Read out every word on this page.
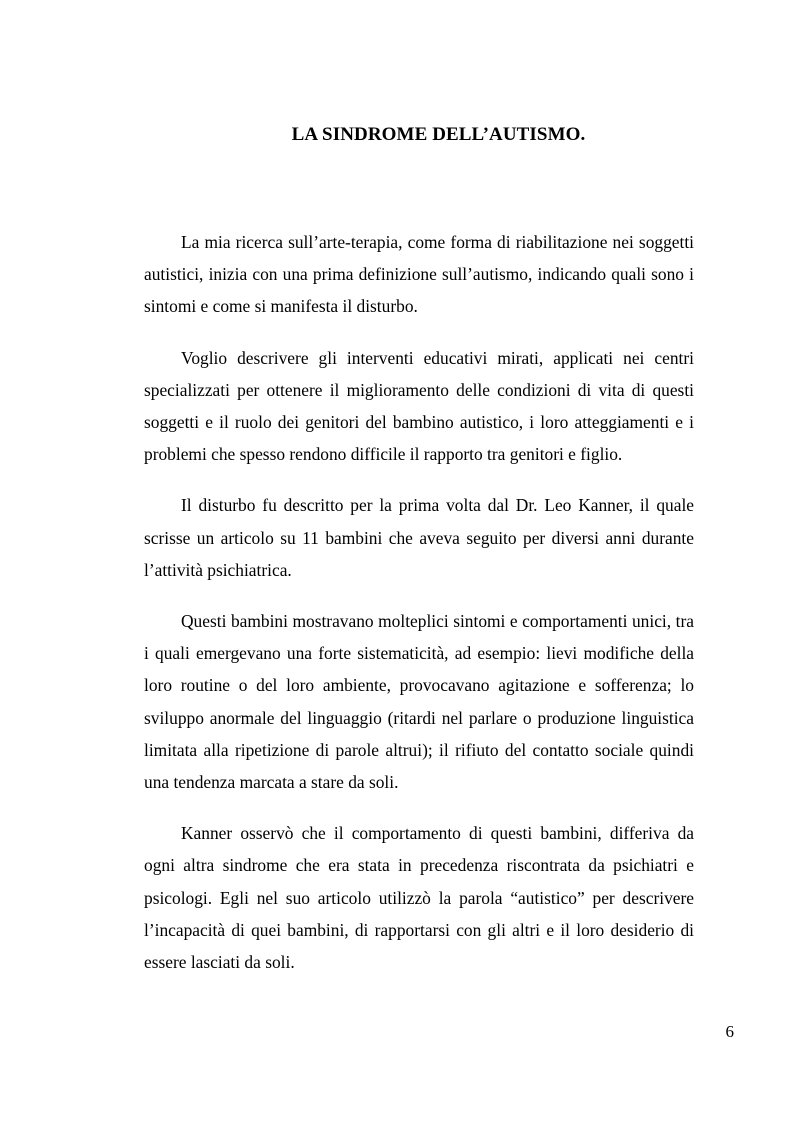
LA SINDROME DELL’AUTISMO.

La mia ricerca sull’arte-terapia, come forma di riabilitazione nei soggetti autistici, inizia con una prima definizione sull’autismo, indicando quali sono i sintomi e come si manifesta il disturbo.

Voglio descrivere gli interventi educativi mirati, applicati nei centri specializzati per ottenere il miglioramento delle condizioni di vita di questi soggetti e il ruolo dei genitori del bambino autistico, i loro atteggiamenti e i problemi che spesso rendono difficile il rapporto tra genitori e figlio.

Il disturbo fu descritto per la prima volta dal Dr. Leo Kanner, il quale scrisse un articolo su 11 bambini che aveva seguito per diversi anni durante l’attività psichiatrica.

Questi bambini mostravano molteplici sintomi e comportamenti unici, tra i quali emergevano una forte sistematicità, ad esempio: lievi modifiche della loro routine o del loro ambiente, provocavano agitazione e sofferenza; lo sviluppo anormale del linguaggio (ritardi nel parlare o produzione linguistica limitata alla ripetizione di parole altrui); il rifiuto del contatto sociale quindi una tendenza marcata a stare da soli.

Kanner osservò che il comportamento di questi bambini, differiva da ogni altra sindrome che era stata in precedenza riscontrata da psichiatri e psicologi. Egli nel suo articolo utilizzò la parola “autistico” per descrivere l’incapacità di quei bambini, di rapportarsi con gli altri e il loro desiderio di essere lasciati da soli.

6
